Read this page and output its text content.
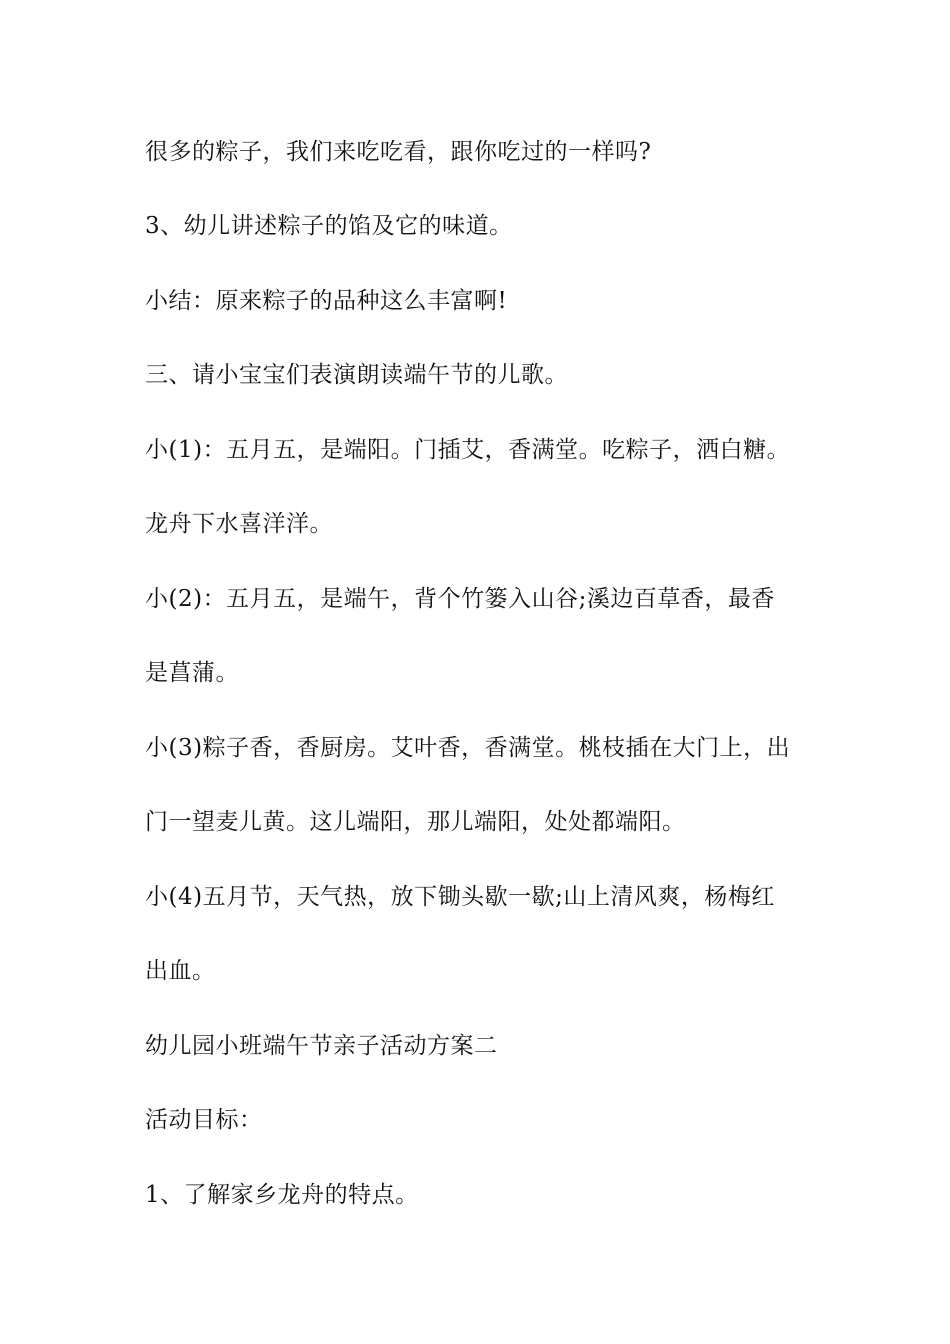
很多的粽子，我们来吃吃看，跟你吃过的一样吗?
3、幼儿讲述粽子的馅及它的味道。
小结：原来粽子的品种这么丰富啊!
三、请小宝宝们表演朗读端午节的儿歌。
小(1)：五月五，是端阳。门插艾，香满堂。吃粽子，洒白糖。
龙舟下水喜洋洋。
小(2)：五月五，是端午，背个竹篓入山谷;溪边百草香，最香
是菖蒲。
小(3)粽子香，香厨房。艾叶香，香满堂。桃枝插在大门上，出
门一望麦儿黄。这儿端阳，那儿端阳，处处都端阳。
小(4)五月节，天气热，放下锄头歇一歇;山上清风爽，杨梅红
出血。
幼儿园小班端午节亲子活动方案二
活动目标：
1、了解家乡龙舟的特点。
